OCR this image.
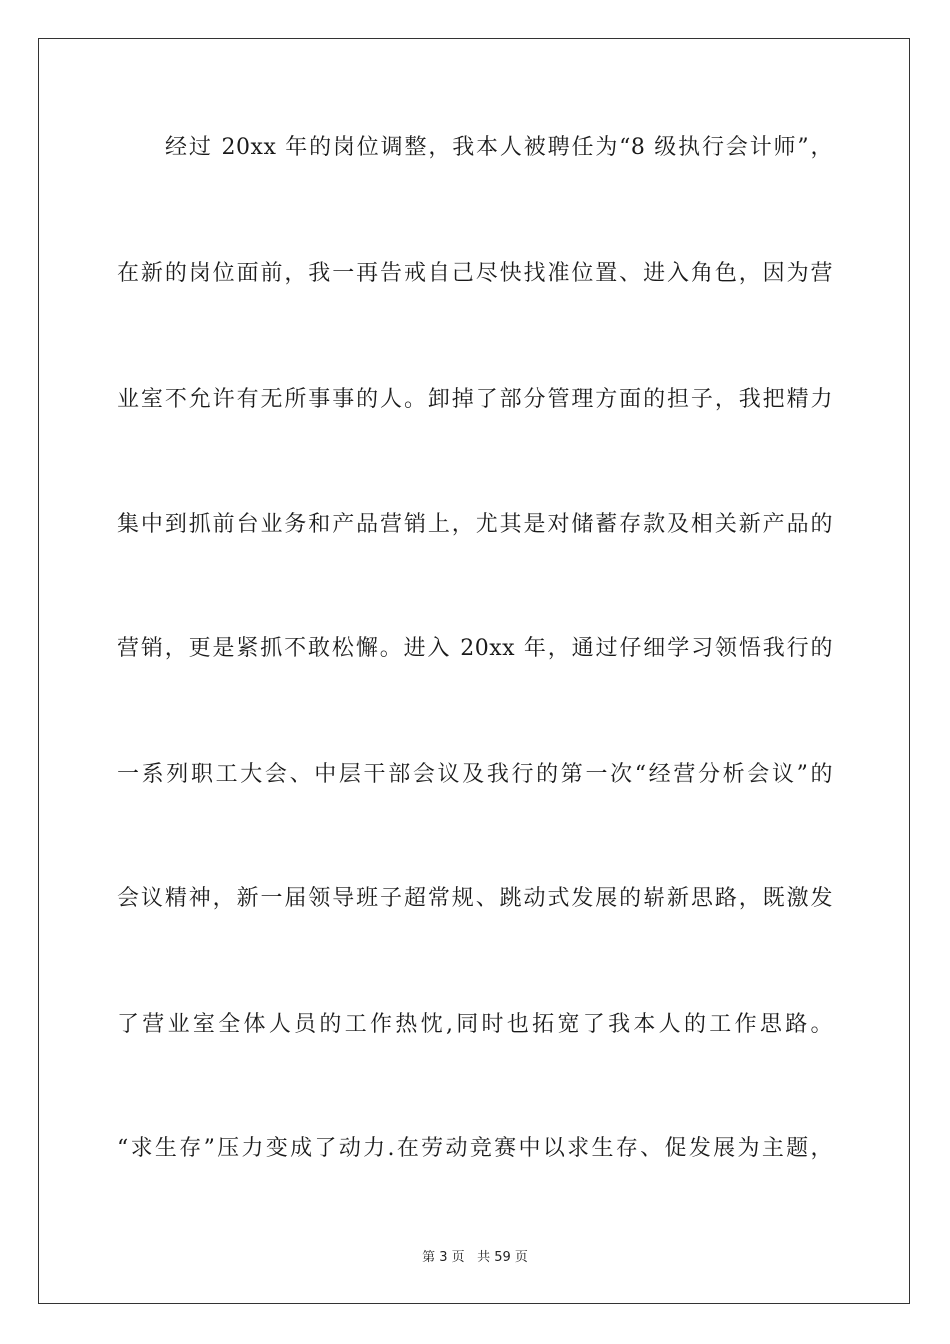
经过 20xx 年的岗位调整，我本人被聘任为“8 级执行会计师”，
在新的岗位面前，我一再告戒自己尽快找准位置、进入角色，因为营
业室不允许有无所事事的人。卸掉了部分管理方面的担子，我把精力
集中到抓前台业务和产品营销上，尤其是对储蓄存款及相关新产品的
营销，更是紧抓不敢松懈。进入 20xx 年，通过仔细学习领悟我行的
一系列职工大会、中层干部会议及我行的第一次“经营分析会议”的
会议精神，新一届领导班子超常规、跳动式发展的崭新思路，既激发
了营业室全体人员的工作热忱,同时也拓宽了我本人的工作思路。
“求生存”压力变成了动力.在劳动竞赛中以求生存、促发展为主题，
第 3 页 共 59 页
